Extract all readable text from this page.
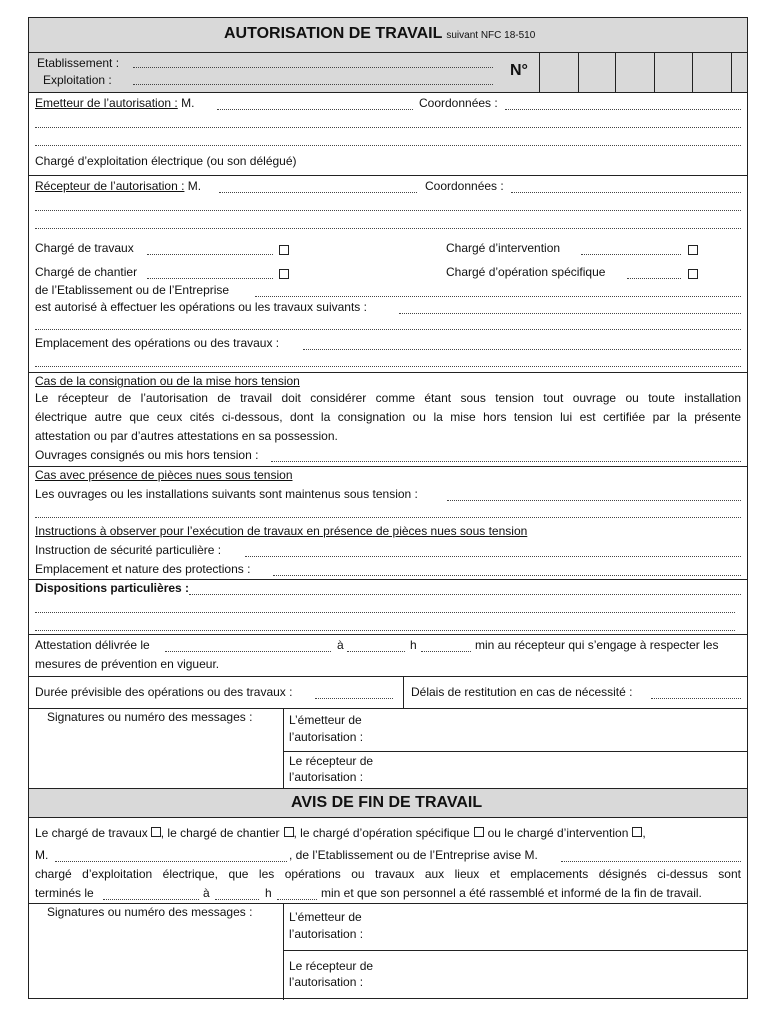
AUTORISATION DE TRAVAIL suivant NFC 18-510
Etablissement :
Exploitation :
N°
Emetteur de l’autorisation : M.	Coordonnées :
Chargé d’exploitation électrique (ou son délégué)
Récepteur de l’autorisation : M.	Coordonnées :
Chargé de travaux	Chargé d’intervention
Chargé de chantier	Chargé d’opération spécifique
de l’Etablissement ou de l’Entreprise
est autorisé à effectuer les opérations ou les travaux suivants :
Emplacement des opérations ou des travaux :
Cas de la consignation ou de la mise hors tension
Le récepteur de l’autorisation de travail doit considérer comme étant sous tension tout ouvrage ou toute installation
électrique autre que ceux cités ci-dessous, dont la consignation ou la mise hors tension lui est certifiée par la présente
attestation ou par d’autres attestations en sa possession.
Ouvrages consignés ou mis hors tension :
Cas avec présence de pièces nues sous tension
Les ouvrages ou les installations suivants sont maintenus sous tension :
Instructions à observer pour l’exécution de travaux en présence de pièces nues sous tension
Instruction de sécurité particulière :
Emplacement et nature des protections :
Dispositions particulières :
Attestation délivrée le	à	h	min au récepteur qui s’engage à respecter les
mesures de prévention en vigueur.
Durée prévisible des opérations ou des travaux :	Délais de restitution en cas de nécessité :
Signatures ou numéro des messages :	L’émetteur de
l’autorisation :
Le récepteur de
l’autorisation :
AVIS DE FIN DE TRAVAIL
Le chargé de travaux , le chargé de chantier , le chargé d’opération spécifique ou le chargé d’intervention ,
M.	, de l’Etablissement ou de l’Entreprise avise M.
chargé d’exploitation électrique, que les opérations ou travaux aux lieux et emplacements désignés ci-dessus sont
terminés le	à	h	min et que son personnel a été rassemblé et informé de la fin de travail.
Signatures ou numéro des messages :	L’émetteur de
l’autorisation :
Le récepteur de
l’autorisation :
